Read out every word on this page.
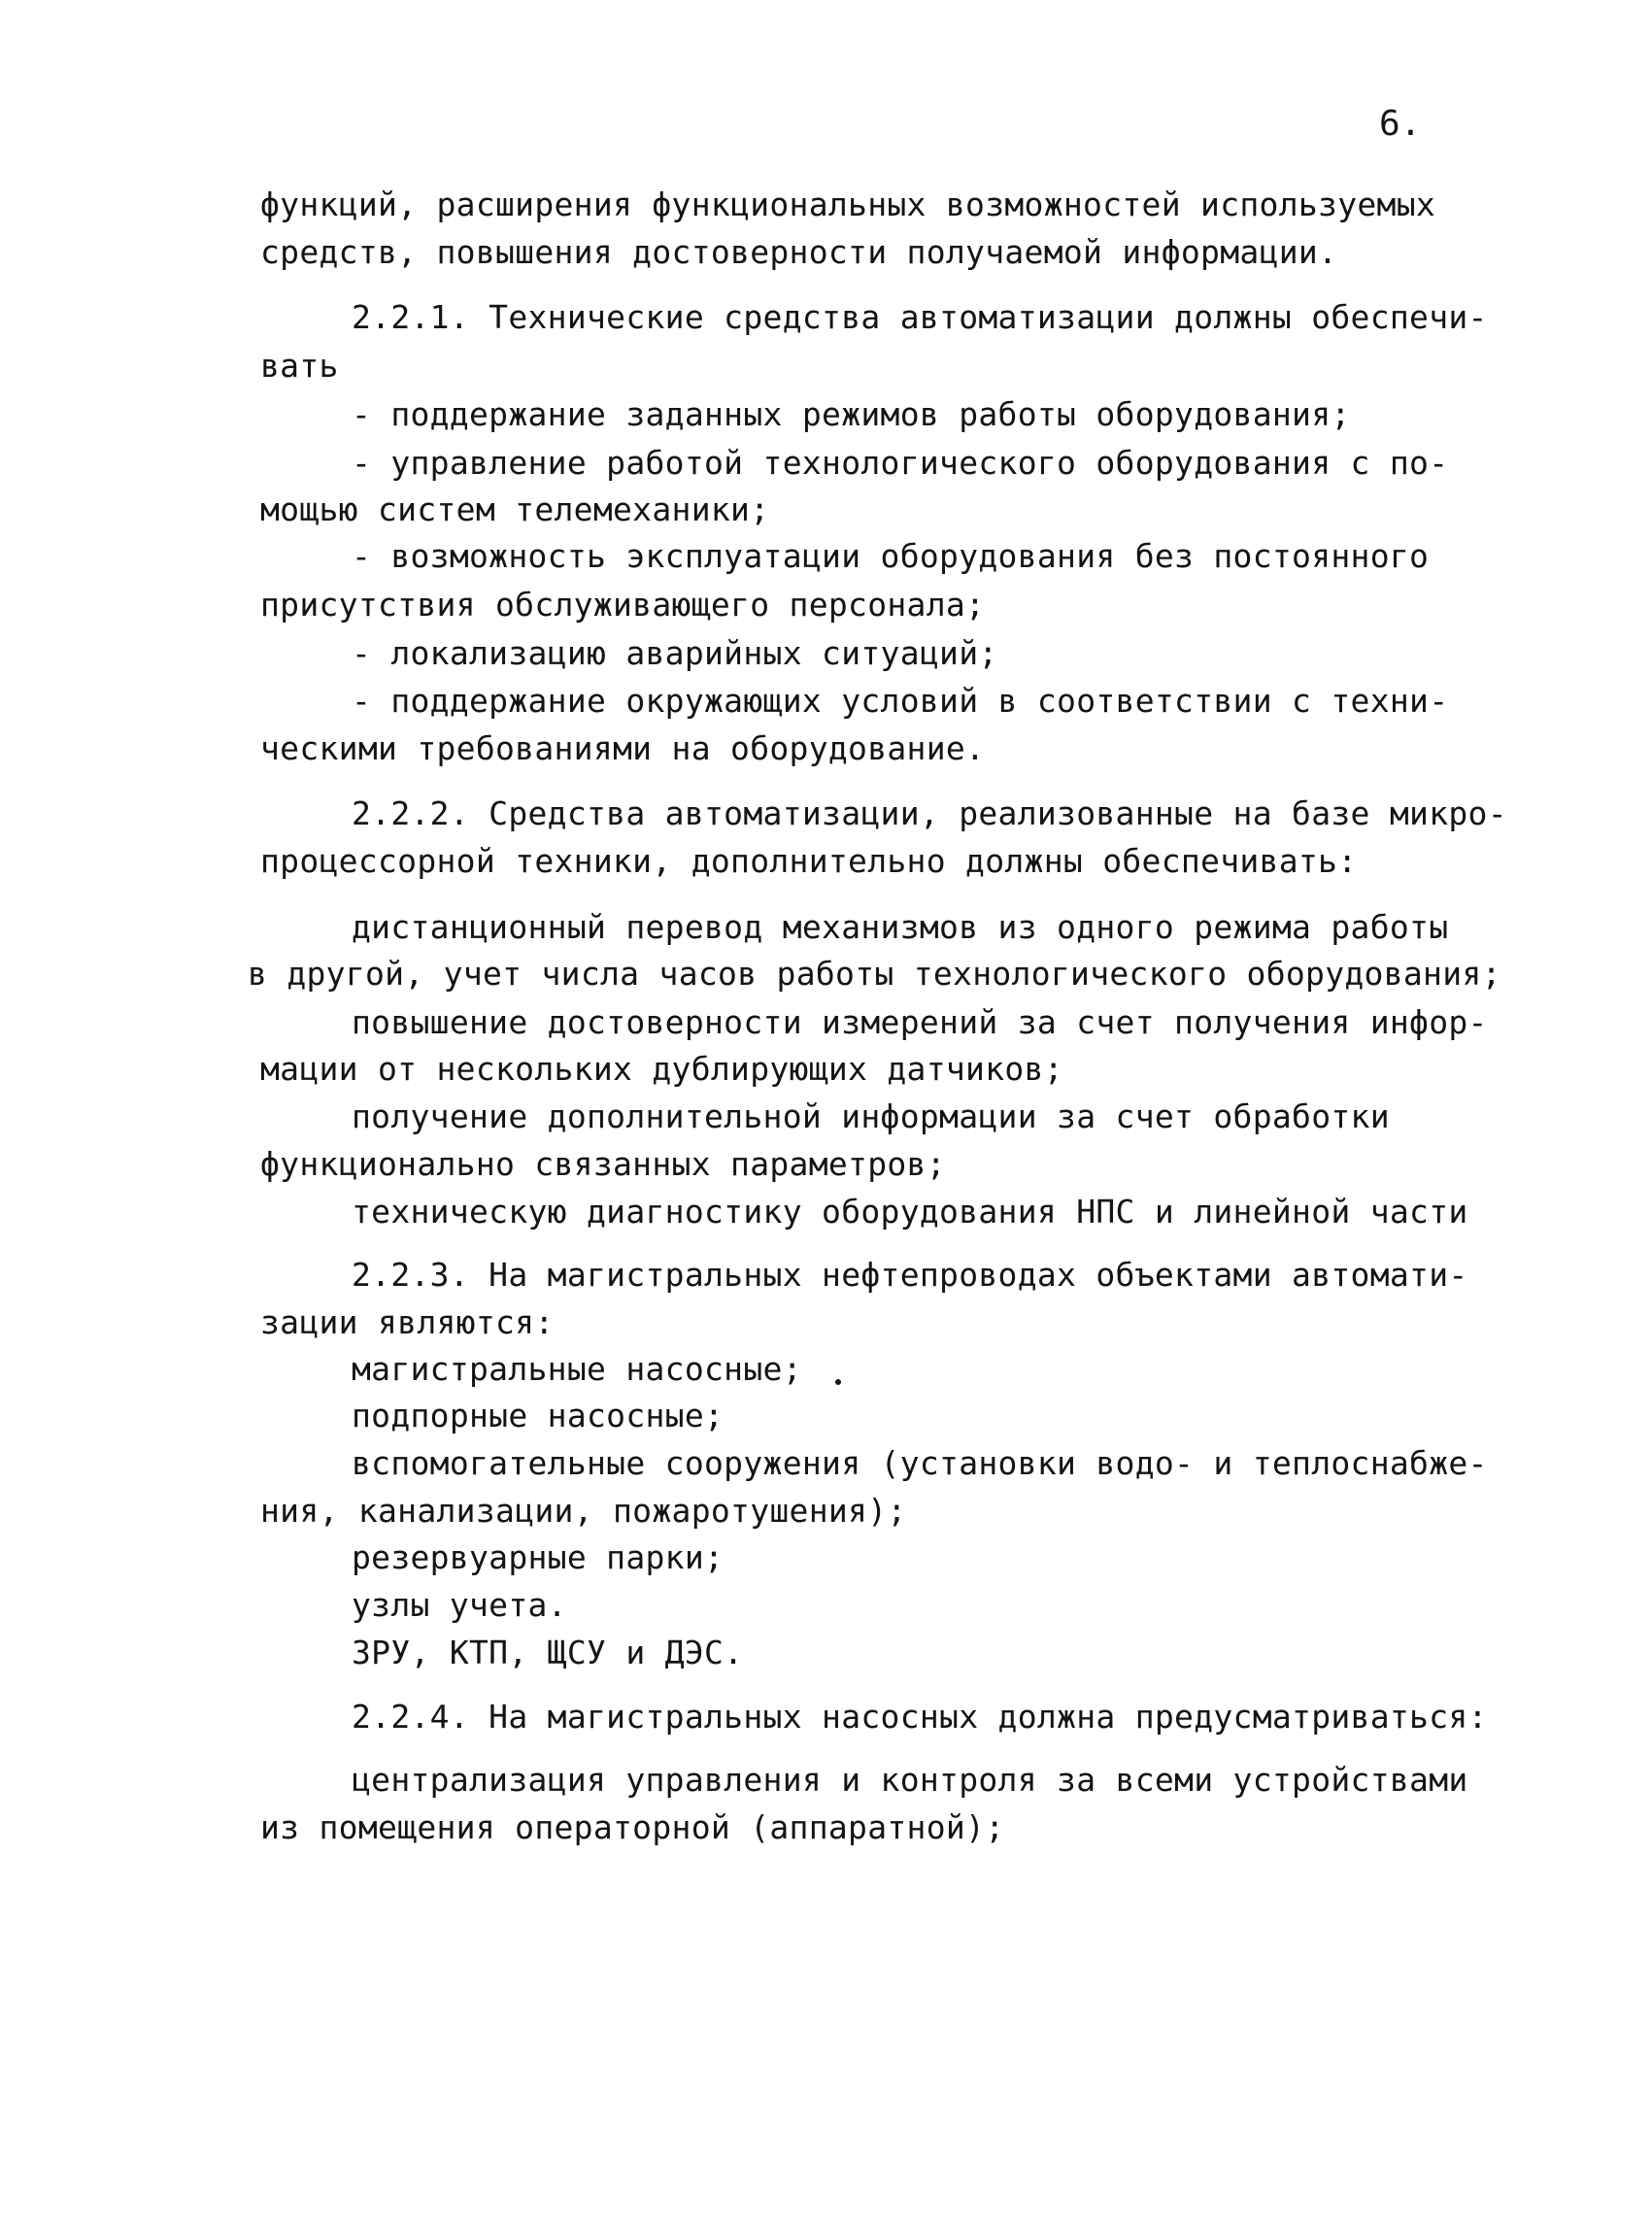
6.
функций, расширения функциональных возможностей используемых
средств, повышения достоверности получаемой информации.
2.2.1. Технические средства автоматизации должны обеспечи-
вать
- поддержание заданных режимов работы оборудования;
- управление работой технологического оборудования с по-
мощью систем телемеханики;
- возможность эксплуатации оборудования без постоянного
присутствия обслуживающего персонала;
- локализацию аварийных ситуаций;
- поддержание окружающих условий в соответствии с техни-
ческими требованиями на оборудование.
2.2.2. Средства автоматизации, реализованные на базе микро-
процессорной техники, дополнительно должны обеспечивать:
дистанционный перевод механизмов из одного режима работы
в другой, учет числа часов работы технологического оборудования;
повышение достоверности измерений за счет получения инфор-
мации от нескольких дублирующих датчиков;
получение дополнительной информации за счет обработки
функционально связанных параметров;
техническую диагностику оборудования НПС и линейной части
2.2.3. На магистральных нефтепроводах объектами автомати-
зации являются:
магистральные насосные;
подпорные насосные;
вспомогательные сооружения (установки водо- и теплоснабже-
ния, канализации, пожаротушения);
резервуарные парки;
узлы учета.
ЗРУ, КТП, ЩСУ и ДЭС.
2.2.4. На магистральных насосных должна предусматриваться:
централизация управления и контроля за всеми устройствами
из помещения операторной (аппаратной);
